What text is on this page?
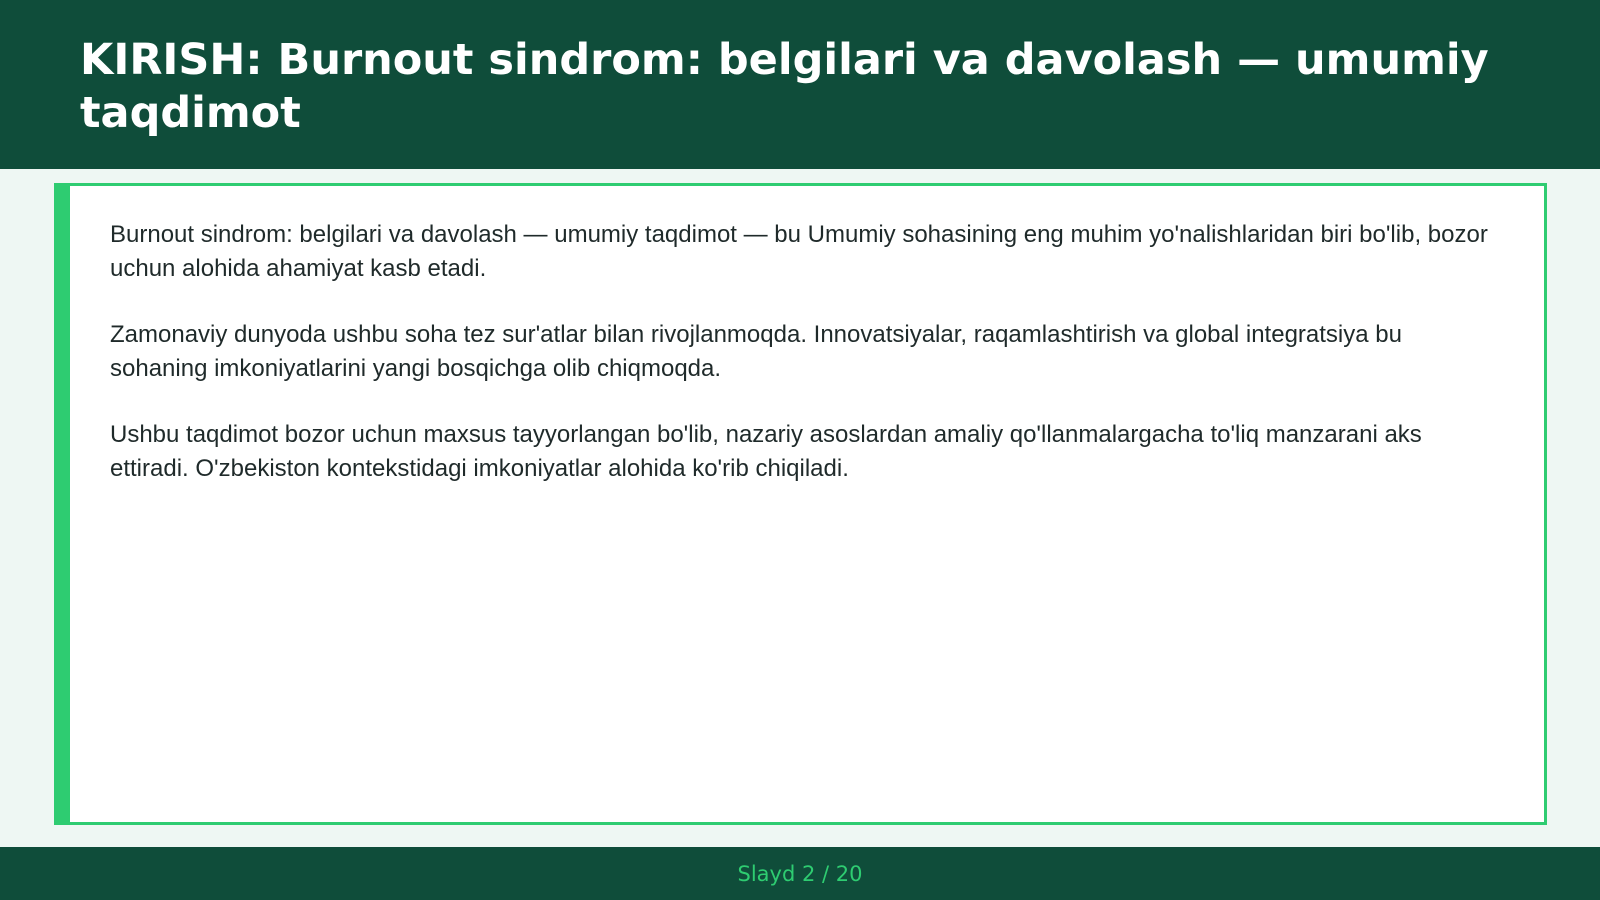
KIRISH: Burnout sindrom: belgilari va davolash — umumiy taqdimot

Burnout sindrom: belgilari va davolash — umumiy taqdimot — bu Umumiy sohasining eng muhim yo'nalishlaridan biri bo'lib, bozor uchun alohida ahamiyat kasb etadi.

Zamonaviy dunyoda ushbu soha tez sur'atlar bilan rivojlanmoqda. Innovatsiyalar, raqamlashtirish va global integratsiya bu sohaning imkoniyatlarini yangi bosqichga olib chiqmoqda.

Ushbu taqdimot bozor uchun maxsus tayyorlangan bo'lib, nazariy asoslardan amaliy qo'llanmalargacha to'liq manzarani aks ettiradi. O'zbekiston kontekstidagi imkoniyatlar alohida ko'rib chiqiladi.

Slayd 2 / 20
